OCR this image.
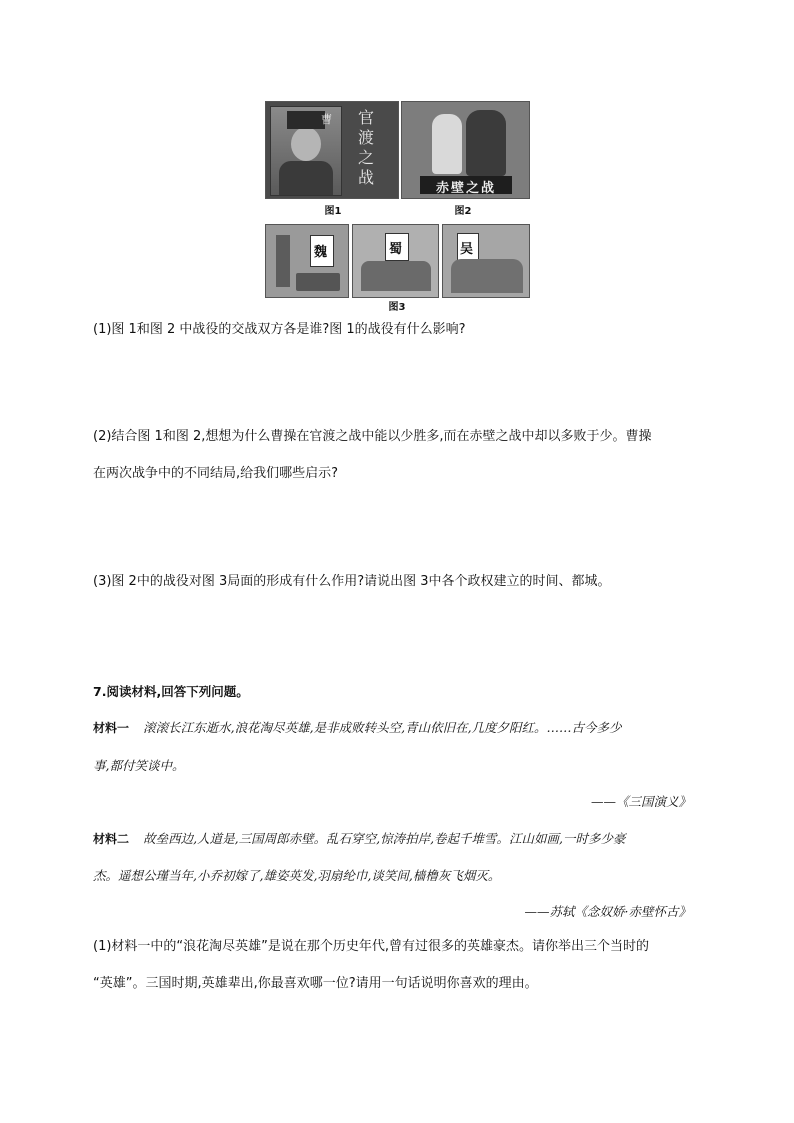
曹 官渡之战
图1
赤壁之战
图2
魏	蜀	吴
图3
(1)图 1和图 2 中战役的交战双方各是谁?图 1的战役有什么影响?
(2)结合图 1和图 2,想想为什么曹操在官渡之战中能以少胜多,而在赤壁之战中却以多败于少。曹操
在两次战争中的不同结局,给我们哪些启示?
(3)图 2中的战役对图 3局面的形成有什么作用?请说出图 3中各个政权建立的时间、都城。
7.阅读材料,回答下列问题。
材料一 滚滚长江东逝水,浪花淘尽英雄,是非成败转头空,青山依旧在,几度夕阳红。……古今多少
事,都付笑谈中。
——《三国演义》
材料二 故垒西边,人道是,三国周郎赤壁。乱石穿空,惊涛拍岸,卷起千堆雪。江山如画,一时多少豪
杰。遥想公瑾当年,小乔初嫁了,雄姿英发,羽扇纶巾,谈笑间,樯橹灰飞烟灭。
——苏轼《念奴娇·赤壁怀古》
(1)材料一中的“浪花淘尽英雄”是说在那个历史年代,曾有过很多的英雄豪杰。请你举出三个当时的
“英雄”。三国时期,英雄辈出,你最喜欢哪一位?请用一句话说明你喜欢的理由。
